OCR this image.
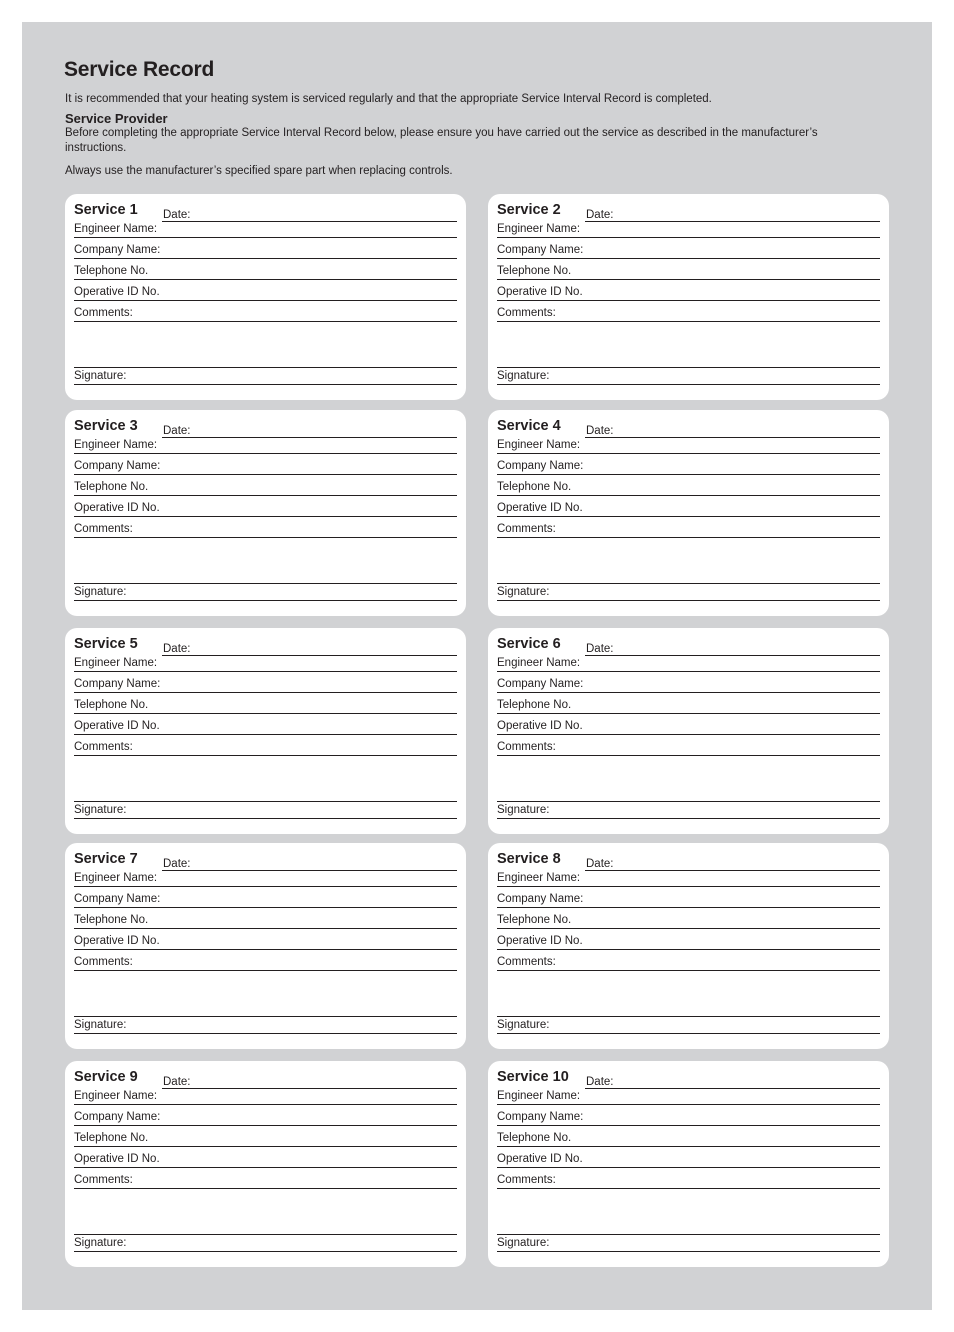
Service Record
It is recommended that your heating system is serviced regularly and that the appropriate Service Interval Record is completed.
Service Provider
Before completing the appropriate Service Interval Record below, please ensure you have carried out the service as described in the manufacturer’s instructions.
Always use the manufacturer’s specified spare part when replacing controls.
Service 1 Date:
Engineer Name:
Company Name:
Telephone No.
Operative ID No.
Comments:
Signature:
Service 2 Date:
Engineer Name:
Company Name:
Telephone No.
Operative ID No.
Comments:
Signature:
Service 3 Date:
Engineer Name:
Company Name:
Telephone No.
Operative ID No.
Comments:
Signature:
Service 4 Date:
Engineer Name:
Company Name:
Telephone No.
Operative ID No.
Comments:
Signature:
Service 5 Date:
Engineer Name:
Company Name:
Telephone No.
Operative ID No.
Comments:
Signature:
Service 6 Date:
Engineer Name:
Company Name:
Telephone No.
Operative ID No.
Comments:
Signature:
Service 7 Date:
Engineer Name:
Company Name:
Telephone No.
Operative ID No.
Comments:
Signature:
Service 8 Date:
Engineer Name:
Company Name:
Telephone No.
Operative ID No.
Comments:
Signature:
Service 9 Date:
Engineer Name:
Company Name:
Telephone No.
Operative ID No.
Comments:
Signature:
Service 10 Date:
Engineer Name:
Company Name:
Telephone No.
Operative ID No.
Comments:
Signature:
